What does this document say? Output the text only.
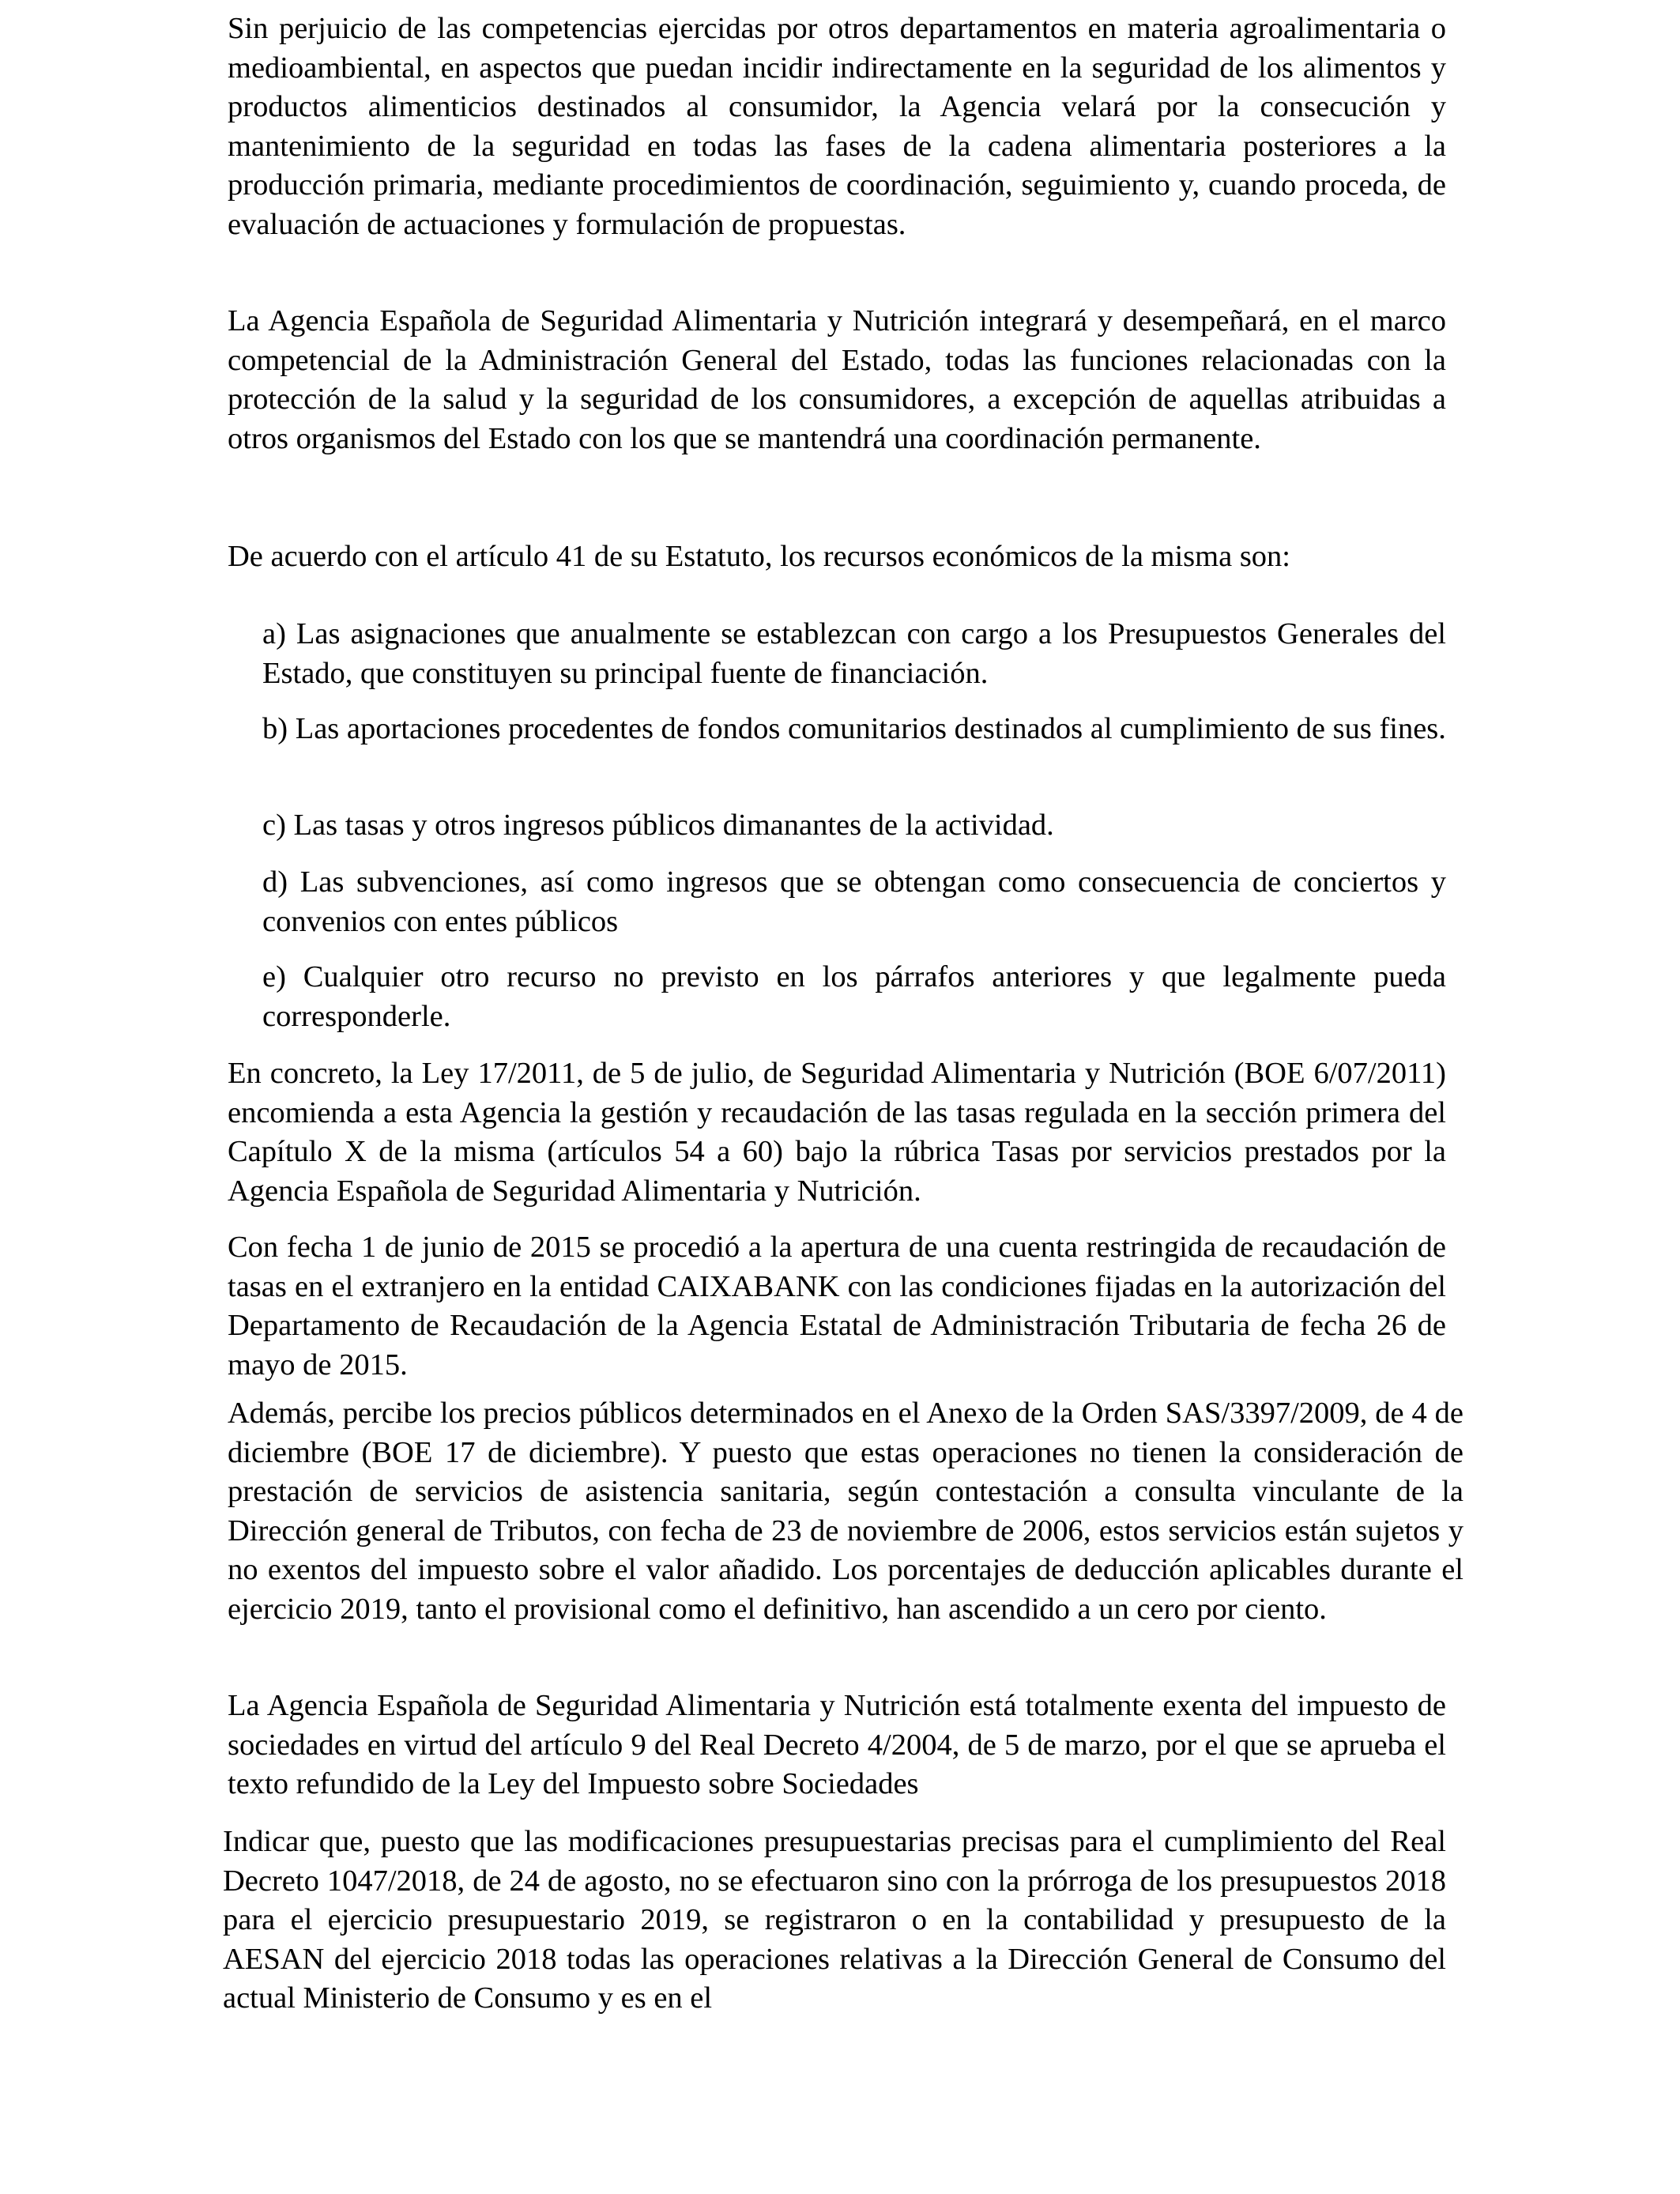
Sin perjuicio de las competencias ejercidas por otros departamentos en materia agroalimentaria o medioambiental, en aspectos que puedan incidir indirectamente en la seguridad de los alimentos y productos alimenticios destinados al consumidor, la Agencia velará por la consecución y mantenimiento de la seguridad en todas las fases de la cadena alimentaria posteriores a la producción primaria, mediante procedimientos de coordinación, seguimiento y, cuando proceda, de evaluación de actuaciones y formulación de propuestas.

La Agencia Española de Seguridad Alimentaria y Nutrición integrará y desempeñará, en el marco competencial de la Administración General del Estado, todas las funciones relacionadas con la protección de la salud y la seguridad de los consumidores, a excepción de aquellas atribuidas a otros organismos del Estado con los que se mantendrá una coordinación permanente.

De acuerdo con el artículo 41 de su Estatuto, los recursos económicos de la misma son:

a) Las asignaciones que anualmente se establezcan con cargo a los Presupuestos Generales del Estado, que constituyen su principal fuente de financiación.

b) Las aportaciones procedentes de fondos comunitarios destinados al cumplimiento de sus fines.

c) Las tasas y otros ingresos públicos dimanantes de la actividad.

d) Las subvenciones, así como ingresos que se obtengan como consecuencia de conciertos y convenios con entes públicos

e) Cualquier otro recurso no previsto en los párrafos anteriores y que legalmente pueda corresponderle.

En concreto, la Ley 17/2011, de 5 de julio, de Seguridad Alimentaria y Nutrición (BOE 6/07/2011) encomienda a esta Agencia la gestión y recaudación de las tasas regulada en la sección primera del Capítulo X de la misma (artículos 54 a 60) bajo la rúbrica Tasas por servicios prestados por la Agencia Española de Seguridad Alimentaria y Nutrición.

Con fecha 1 de junio de 2015 se procedió a la apertura de una cuenta restringida de recaudación de tasas en el extranjero en la entidad CAIXABANK con las condiciones fijadas en la autorización del Departamento de Recaudación de la Agencia Estatal de Administración Tributaria de fecha 26 de mayo de 2015.

Además, percibe los precios públicos determinados en el Anexo de la Orden SAS/3397/2009, de 4 de diciembre (BOE 17 de diciembre). Y puesto que estas operaciones no tienen la consideración de prestación de servicios de asistencia sanitaria, según contestación a consulta vinculante de la Dirección general de Tributos, con fecha de 23 de noviembre de 2006, estos servicios están sujetos y no exentos del impuesto sobre el valor añadido. Los porcentajes de deducción aplicables durante el ejercicio 2019, tanto el provisional como el definitivo, han ascendido a un cero por ciento.

La Agencia Española de Seguridad Alimentaria y Nutrición está totalmente exenta del impuesto de sociedades en virtud del artículo 9 del Real Decreto 4/2004, de 5 de marzo, por el que se aprueba el texto refundido de la Ley del Impuesto sobre Sociedades

Indicar que, puesto que las modificaciones presupuestarias precisas para el cumplimiento del Real Decreto 1047/2018, de 24 de agosto, no se efectuaron sino con la prórroga de los presupuestos 2018 para el ejercicio presupuestario 2019, se registraron o en la contabilidad y presupuesto de la AESAN del ejercicio 2018 todas las operaciones relativas a la Dirección General de Consumo del actual Ministerio de Consumo y es en el
